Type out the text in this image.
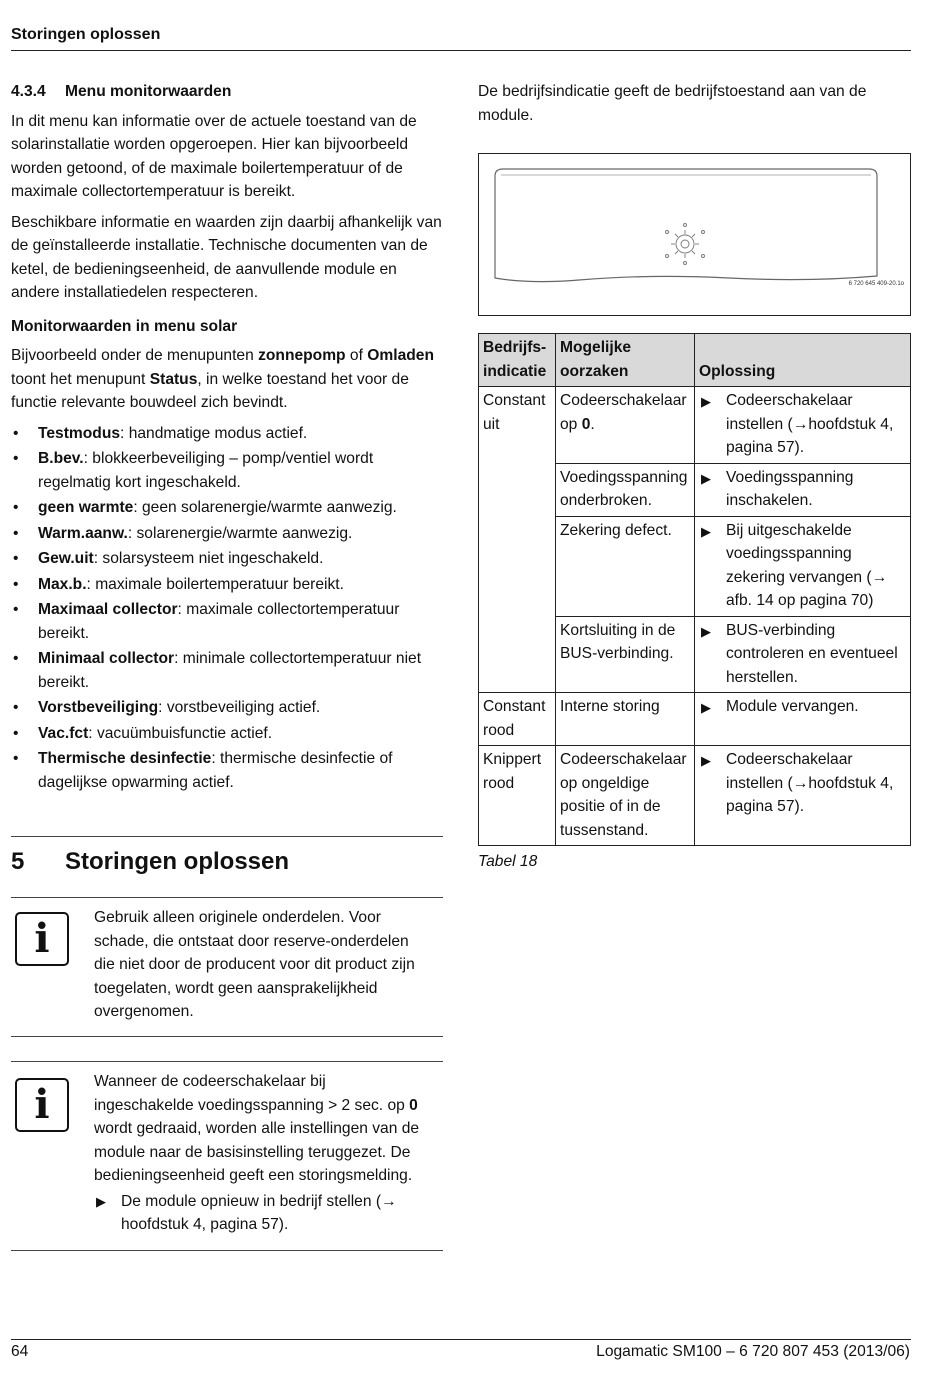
Storingen oplossen
4.3.4 Menu monitorwaarden

In dit menu kan informatie over de actuele toestand van de solarinstallatie worden opgeroepen. Hier kan bijvoorbeeld worden getoond, of de maximale boilertemperatuur of de maximale collectortemperatuur is bereikt.

Beschikbare informatie en waarden zijn daarbij afhankelijk van de geïnstalleerde installatie. Technische documenten van de ketel, de bedieningseenheid, de aanvullende module en andere installatiedelen respecteren.

Monitorwaarden in menu solar

Bijvoorbeeld onder de menupunten zonnepomp of Omladen toont het menupunt Status, in welke toestand het voor de functie relevante bouwdeel zich bevindt.

• Testmodus: handmatige modus actief.
• B.bev.: blokkeerbeveiliging – pomp/ventiel wordt regelmatig kort ingeschakeld.
• geen warmte: geen solarenergie/warmte aanwezig.
• Warm.aanw.: solarenergie/warmte aanwezig.
• Gew.uit: solarsysteem niet ingeschakeld.
• Max.b.: maximale boilertemperatuur bereikt.
• Maximaal collector: maximale collectortemperatuur bereikt.
• Minimaal collector: minimale collectortemperatuur niet bereikt.
• Vorstbeveiliging: vorstbeveiliging actief.
• Vac.fct: vacuümbuisfunctie actief.
• Thermische desinfectie: thermische desinfectie of dagelijkse opwarming actief.
5 Storingen oplossen
i	Gebruik alleen originele onderdelen. Voor schade, die ontstaat door reserve-onderdelen die niet door de producent voor dit product zijn toegelaten, wordt geen aansprakelijkheid overgenomen.
i	Wanneer de codeerschakelaar bij ingeschakelde voedingsspanning > 2 sec. op 0 wordt gedraaid, worden alle instellingen van de module naar de basisinstelling teruggezet. De bedieningseenheid geeft een storingsmelding.
▶ De module opnieuw in bedrijf stellen (→ hoofdstuk 4, pagina 57).

De bedrijfsindicatie geeft de bedrijfstoestand aan van de module.

6 720 645 409-20.1o
Bedrijfs-indicatie	Mogelijke oorzaken	Oplossing
Constant uit	Codeerschakelaar op 0.	▶ Codeerschakelaar instellen (→hoofdstuk 4, pagina 57).
	Voedingsspanning onderbroken.	▶ Voedingsspanning inschakelen.
	Zekering defect.	▶ Bij uitgeschakelde voedingsspanning zekering vervangen (→ afb. 14 op pagina 70)
	Kortsluiting in de BUS-verbinding.	▶ BUS-verbinding controleren en eventueel herstellen.
Constant rood	Interne storing	▶ Module vervangen.
Knippert rood	Codeerschakelaar op ongeldige positie of in de tussenstand.	▶ Codeerschakelaar instellen (→hoofdstuk 4, pagina 57).
Tabel 18
64	Logamatic SM100 – 6 720 807 453 (2013/06)
